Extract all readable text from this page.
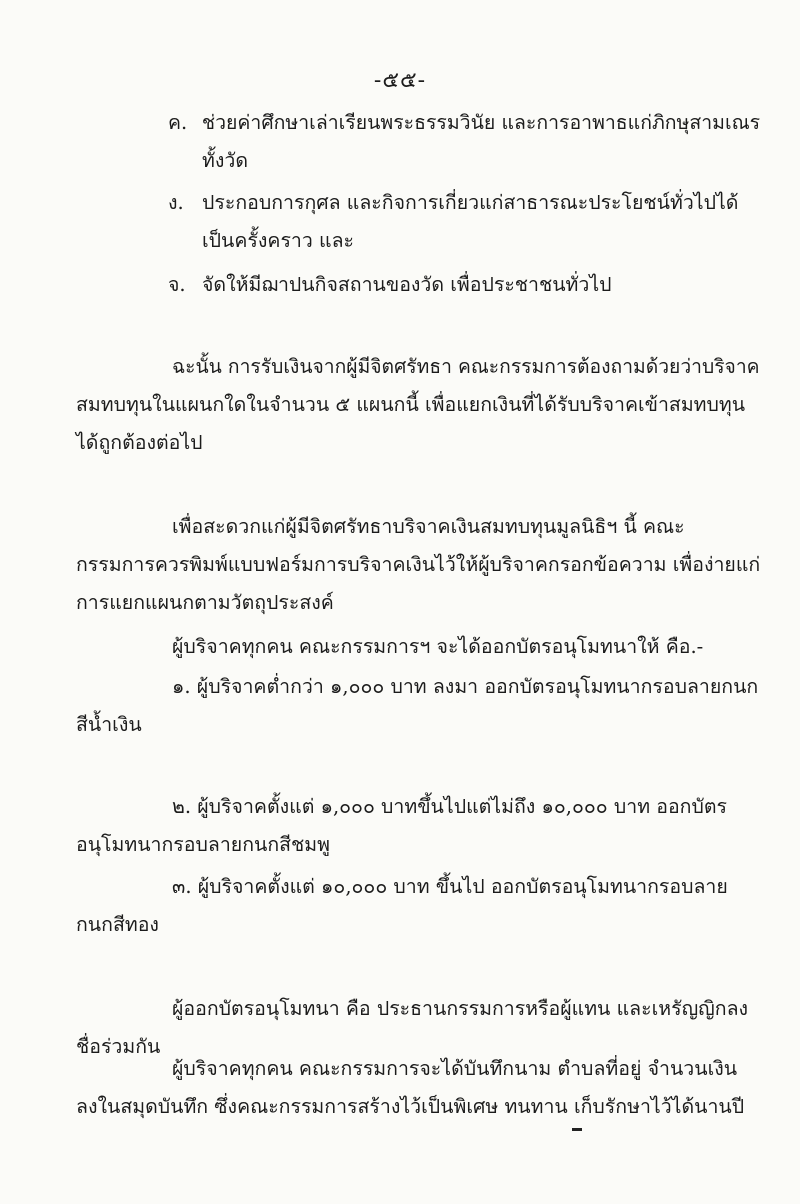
-๕๕-
ค. ช่วยค่าศึกษาเล่าเรียนพระธรรมวินัย และการอาพาธแก่ภิกษุสามเณร
ทั้งวัด
ง. ประกอบการกุศล และกิจการเกี่ยวแก่สาธารณะประโยชน์ทั่วไปได้
เป็นครั้งคราว และ
จ. จัดให้มีฌาปนกิจสถานของวัด เพื่อประชาชนทั่วไป
ฉะนั้น การรับเงินจากผู้มีจิตศรัทธา คณะกรรมการต้องถามด้วยว่าบริจาค
สมทบทุนในแผนกใดในจำนวน ๕ แผนกนี้ เพื่อแยกเงินที่ได้รับบริจาคเข้าสมทบทุน
ได้ถูกต้องต่อไป
เพื่อสะดวกแก่ผู้มีจิตศรัทธาบริจาคเงินสมทบทุนมูลนิธิฯ นี้ คณะ
กรรมการควรพิมพ์แบบฟอร์มการบริจาคเงินไว้ให้ผู้บริจาคกรอกข้อความ เพื่อง่ายแก่
การแยกแผนกตามวัตถุประสงค์
ผู้บริจาคทุกคน คณะกรรมการฯ จะได้ออกบัตรอนุโมทนาให้ คือ.-
๑. ผู้บริจาคต่ำกว่า ๑,๐๐๐ บาท ลงมา ออกบัตรอนุโมทนากรอบลายกนก
สีน้ำเงิน
๒. ผู้บริจาคตั้งแต่ ๑,๐๐๐ บาทขึ้นไปแต่ไม่ถึง ๑๐,๐๐๐ บาท ออกบัตร
อนุโมทนากรอบลายกนกสีชมพู
๓. ผู้บริจาคตั้งแต่ ๑๐,๐๐๐ บาท ขึ้นไป ออกบัตรอนุโมทนากรอบลาย
กนกสีทอง
ผู้ออกบัตรอนุโมทนา คือ ประธานกรรมการหรือผู้แทน และเหรัญญิกลง
ชื่อร่วมกัน
ผู้บริจาคทุกคน คณะกรรมการจะได้บันทึกนาม ตำบลที่อยู่ จำนวนเงิน
ลงในสมุดบันทึก ซึ่งคณะกรรมการสร้างไว้เป็นพิเศษ ทนทาน เก็บรักษาไว้ได้นานปี
